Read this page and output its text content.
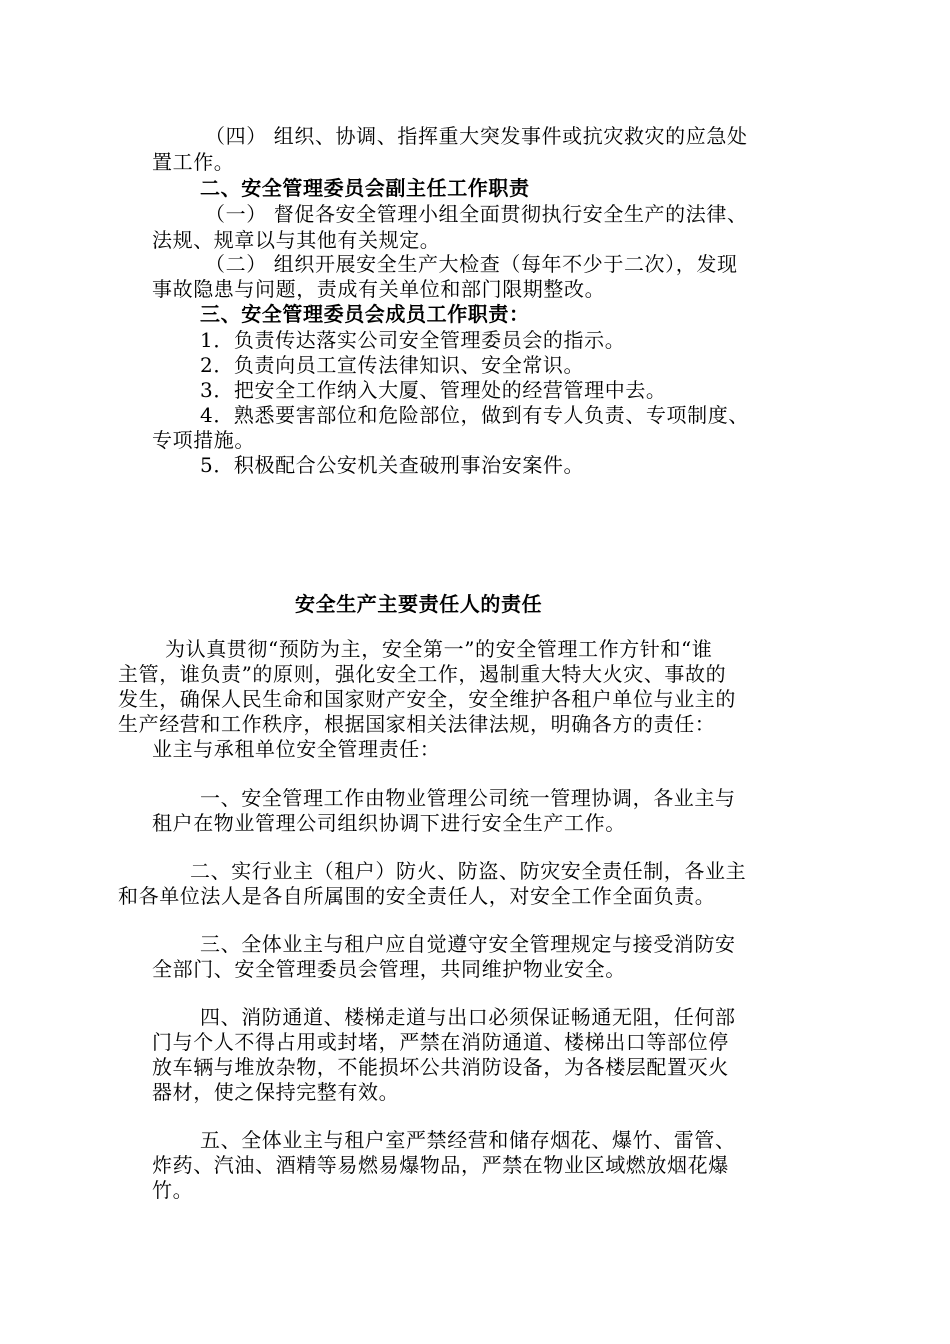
（四） 组织、协调、指挥重大突发事件或抗灾救灾的应急处
置工作。
二、安全管理委员会副主任工作职责
（一） 督促各安全管理小组全面贯彻执行安全生产的法律、
法规、规章以与其他有关规定。
（二） 组织开展安全生产大检查（每年不少于二次），发现
事故隐患与问题，责成有关单位和部门限期整改。
三、安全管理委员会成员工作职责：
1．负责传达落实公司安全管理委员会的指示。
2．负责向员工宣传法律知识、安全常识。
3．把安全工作纳入大厦、管理处的经营管理中去。
4．熟悉要害部位和危险部位，做到有专人负责、专项制度、
专项措施。
5．积极配合公安机关查破刑事治安案件。
安全生产主要责任人的责任
为认真贯彻“预防为主，安全第一”的安全管理工作方针和“谁
主管，谁负责”的原则，强化安全工作，遏制重大特大火灾、事故的
发生，确保人民生命和国家财产安全，安全维护各租户单位与业主的
生产经营和工作秩序，根据国家相关法律法规，明确各方的责任：
业主与承租单位安全管理责任：
一、安全管理工作由物业管理公司统一管理协调，各业主与
租户在物业管理公司组织协调下进行安全生产工作。
二、实行业主（租户）防火、防盗、防灾安全责任制，各业主
和各单位法人是各自所属围的安全责任人，对安全工作全面负责。
三、全体业主与租户应自觉遵守安全管理规定与接受消防安
全部门、安全管理委员会管理，共同维护物业安全。
四、消防通道、楼梯走道与出口必须保证畅通无阻，任何部
门与个人不得占用或封堵，严禁在消防通道、楼梯出口等部位停
放车辆与堆放杂物，不能损坏公共消防设备，为各楼层配置灭火
器材，使之保持完整有效。
五、全体业主与租户室严禁经营和储存烟花、爆竹、雷管、
炸药、汽油、酒精等易燃易爆物品，严禁在物业区域燃放烟花爆
竹。
